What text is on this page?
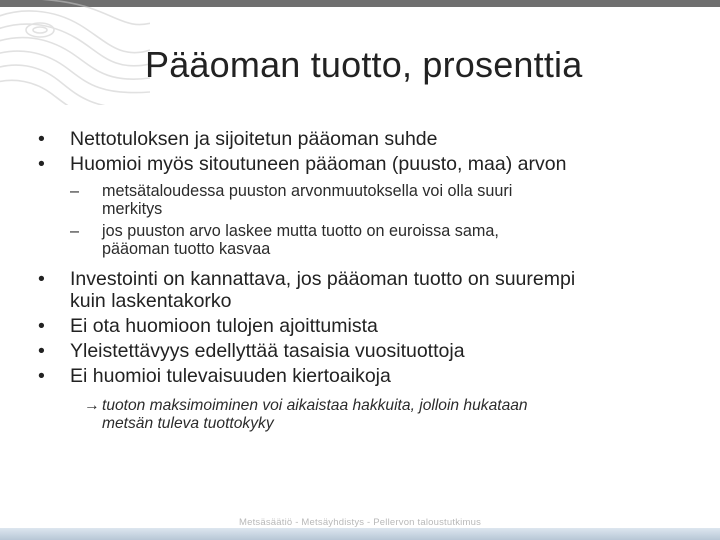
Pääoman tuotto, prosenttia
• Nettotuloksen ja sijoitetun pääoman suhde
• Huomioi myös sitoutuneen pääoman (puusto, maa) arvon
– metsätaloudessa puuston arvonmuutoksella voi olla suuri
merkitys
– jos puuston arvo laskee mutta tuotto on euroissa sama,
pääoman tuotto kasvaa
• Investointi on kannattava, jos pääoman tuotto on suurempi
kuin laskentakorko
• Ei ota huomioon tulojen ajoittumista
• Yleistettävyys edellyttää tasaisia vuosituottoja
• Ei huomioi tulevaisuuden kiertoaikoja
→ tuoton maksimoiminen voi aikaistaa hakkuita, jolloin hukataan
metsän tuleva tuottokyky
Metsäsäätiö - Metsäyhdistys - Pellervon taloustutkimus
